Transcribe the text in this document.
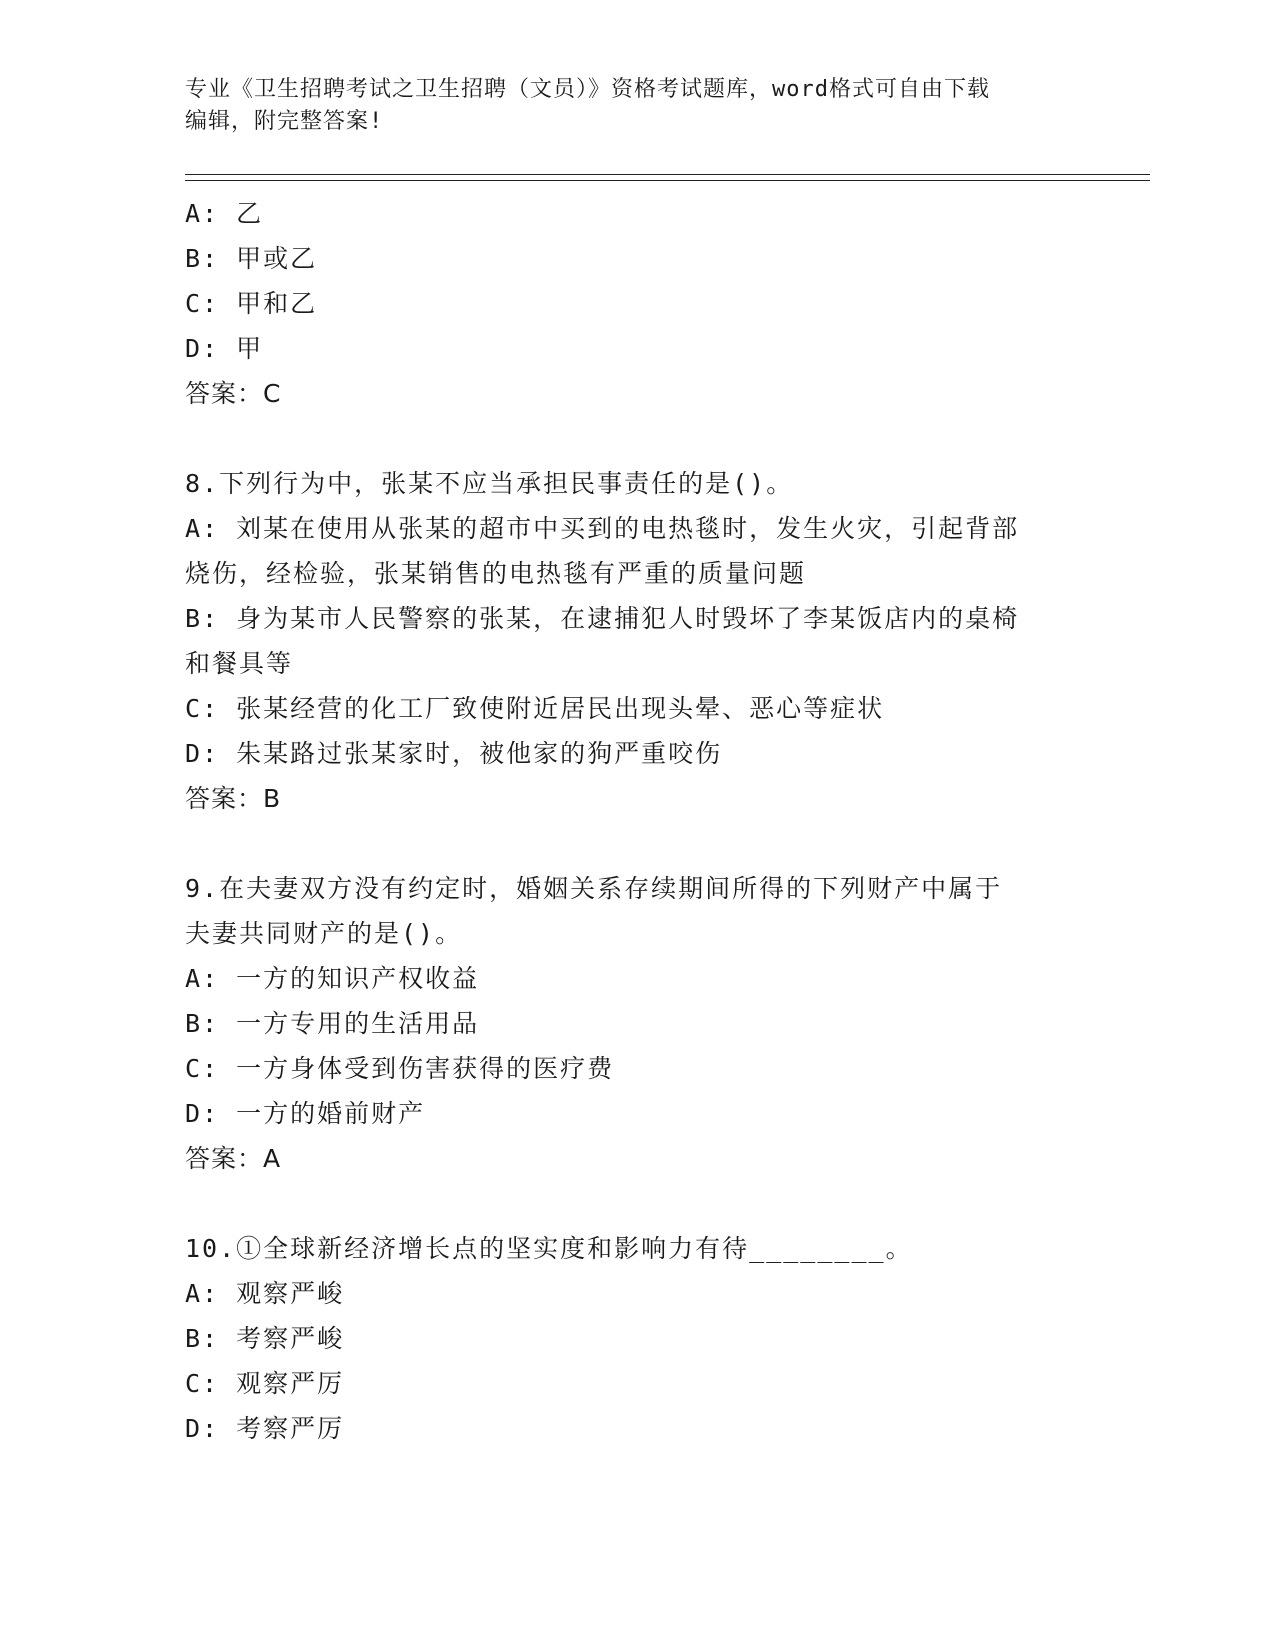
专业《卫生招聘考试之卫生招聘（文员）》资格考试题库，word格式可自由下载
编辑，附完整答案!
A: 乙
B: 甲或乙
C: 甲和乙
D: 甲
答案：C
8.下列行为中，张某不应当承担民事责任的是()。
A: 刘某在使用从张某的超市中买到的电热毯时，发生火灾，引起背部
烧伤，经检验，张某销售的电热毯有严重的质量问题
B: 身为某市人民警察的张某，在逮捕犯人时毁坏了李某饭店内的桌椅
和餐具等
C: 张某经营的化工厂致使附近居民出现头晕、恶心等症状
D: 朱某路过张某家时，被他家的狗严重咬伤
答案：B
9.在夫妻双方没有约定时，婚姻关系存续期间所得的下列财产中属于
夫妻共同财产的是()。
A: 一方的知识产权收益
B: 一方专用的生活用品
C: 一方身体受到伤害获得的医疗费
D: 一方的婚前财产
答案：A
10.①全球新经济增长点的坚实度和影响力有待________。
A: 观察严峻
B: 考察严峻
C: 观察严厉
D: 考察严厉
